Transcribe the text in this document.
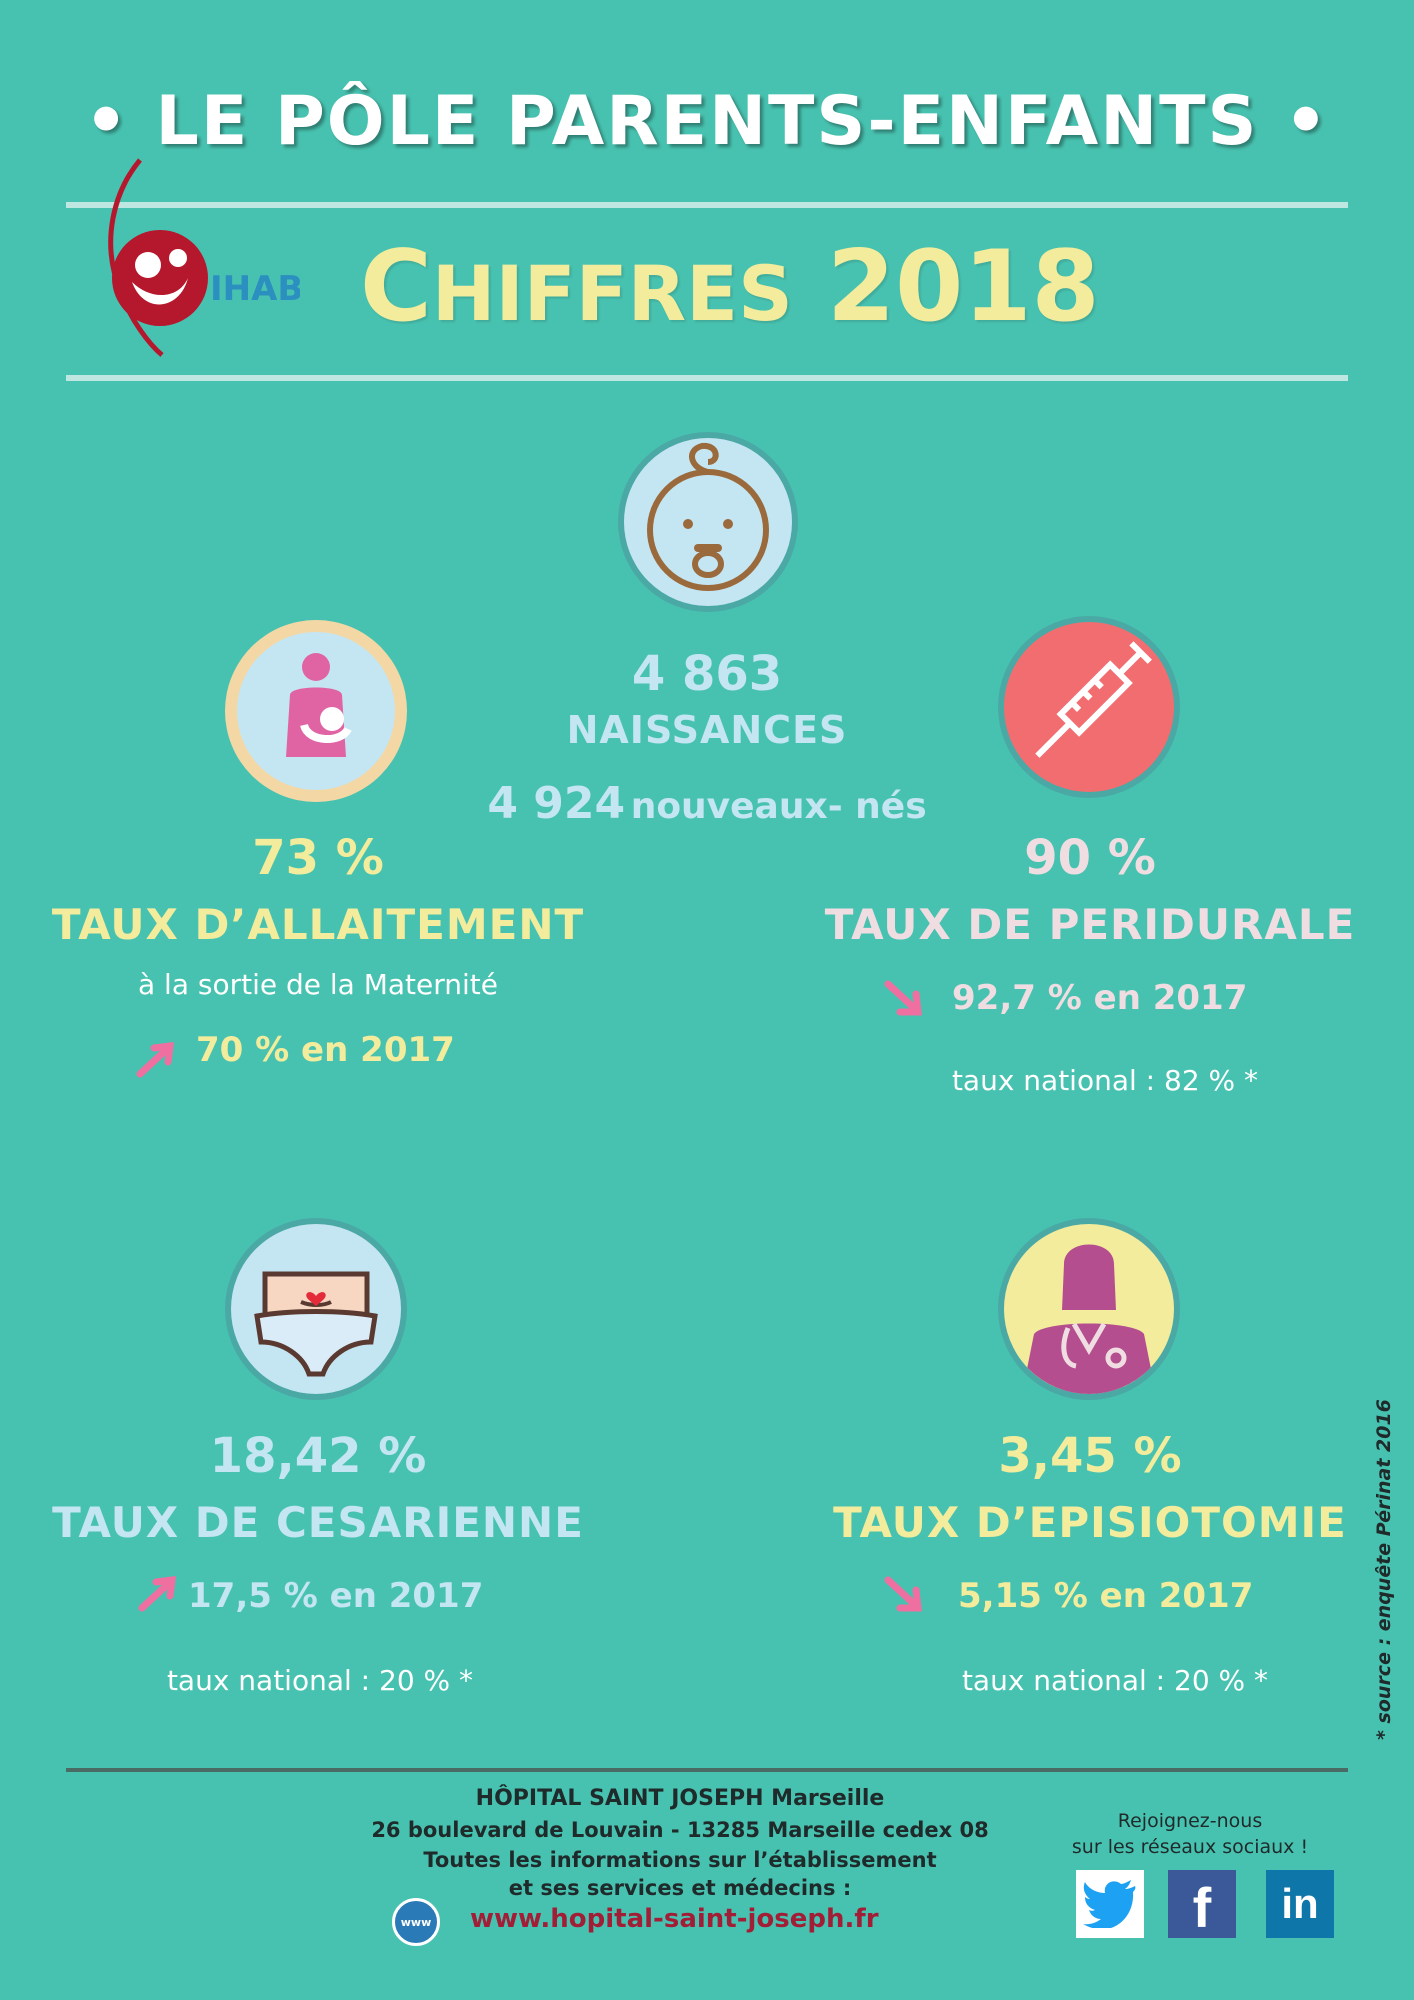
• LE PÔLE PARENTS-ENFANTS •
IHAB CHIFFRES 2018
4 863
NAISSANCES
4 924 nouveaux- nés
73 %
TAUX D’ALLAITEMENT
à la sortie de la Maternité
70 % en 2017
90 %
TAUX DE PERIDURALE
92,7 % en 2017
taux national : 82 % *
18,42 %
TAUX DE CESARIENNE
17,5 % en 2017
taux national : 20 % *
3,45 %
TAUX D’EPISIOTOMIE
5,15 % en 2017
taux national : 20 % *	* source : enquête Périnat 2016
HÔPITAL SAINT JOSEPH Marseille
26 boulevard de Louvain - 13285 Marseille cedex 08
Toutes les informations sur l’établissement
et ses services et médecins :
www www.hopital-saint-joseph.fr
Rejoignez-nous
sur les réseaux sociaux !
f in
